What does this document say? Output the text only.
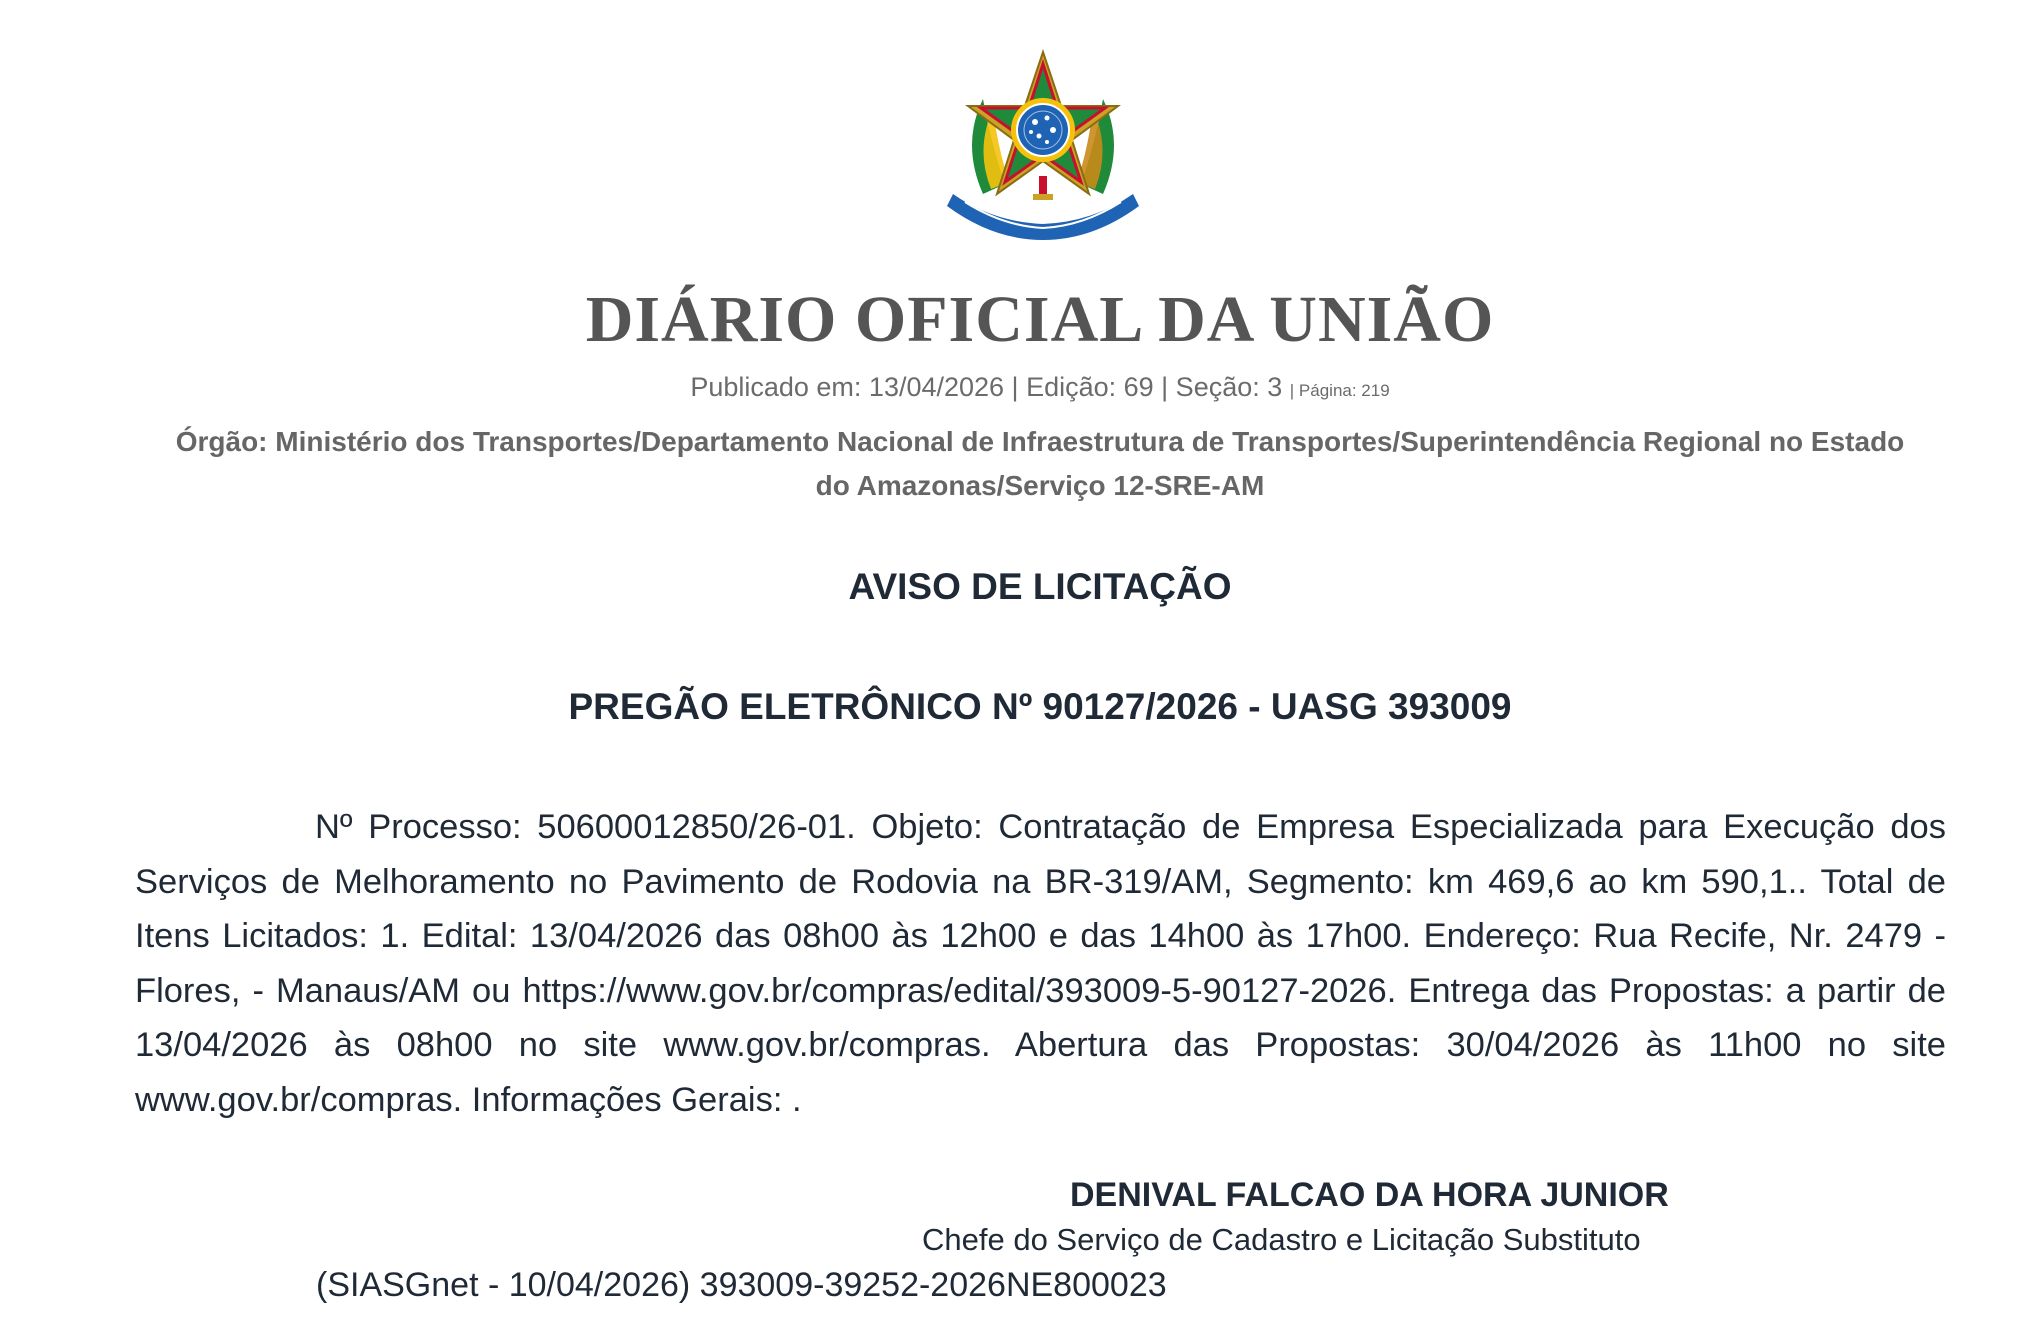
DIÁRIO OFICIAL DA UNIÃO
Publicado em: 13/04/2026 | Edição: 69 | Seção: 3 | Página: 219
Órgão: Ministério dos Transportes/Departamento Nacional de Infraestrutura de Transportes/Superintendência Regional no Estado do Amazonas/Serviço 12-SRE-AM
AVISO DE LICITAÇÃO
PREGÃO ELETRÔNICO Nº 90127/2026 - UASG 393009
Nº Processo: 50600012850/26-01. Objeto: Contratação de Empresa Especializada para Execução dos Serviços de Melhoramento no Pavimento de Rodovia na BR-319/AM, Segmento: km 469,6 ao km 590,1.. Total de Itens Licitados: 1. Edital: 13/04/2026 das 08h00 às 12h00 e das 14h00 às 17h00. Endereço: Rua Recife, Nr. 2479 - Flores, - Manaus/AM ou https://www.gov.br/compras/edital/393009-5-90127-2026. Entrega das Propostas: a partir de 13/04/2026 às 08h00 no site www.gov.br/compras. Abertura das Propostas: 30/04/2026 às 11h00 no site www.gov.br/compras. Informações Gerais: .
DENIVAL FALCAO DA HORA JUNIOR
Chefe do Serviço de Cadastro e Licitação Substituto
(SIASGnet - 10/04/2026) 393009-39252-2026NE800023
